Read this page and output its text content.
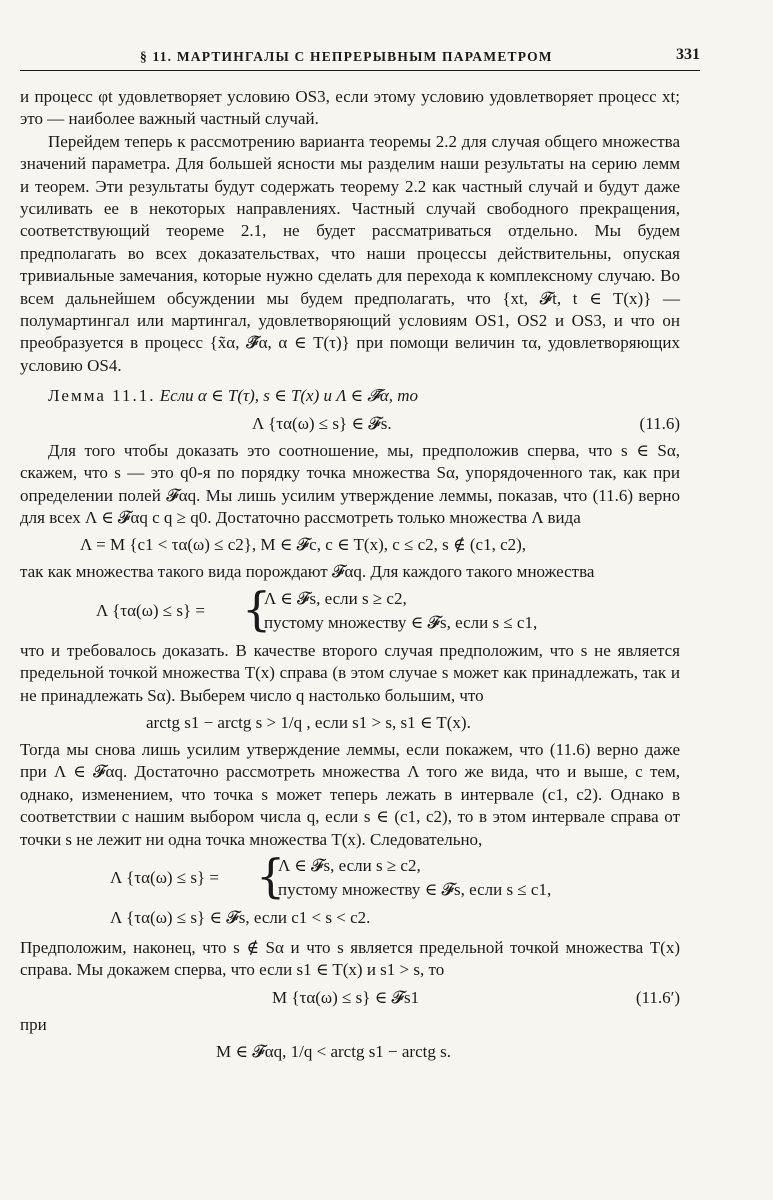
§ 11. МАРТИНГАЛЫ С НЕПРЕРЫВНЫМ ПАРАМЕТРОМ	331

и процесс φt удовлетворяет условию OS3, если этому условию удовлетворяет процесс xt; это — наиболее важный частный случай.

Перейдем теперь к рассмотрению варианта теоремы 2.2 для случая общего множества значений параметра. Для большей ясности мы разделим наши результаты на серию лемм и теорем. Эти результаты будут содержать теорему 2.2 как частный случай и будут даже усиливать ее в некоторых направлениях. Частный случай свободного прекращения, соответствующий теореме 2.1, не будет рассматриваться отдельно. Мы будем предполагать во всех доказательствах, что наши процессы действительны, опуская тривиальные замечания, которые нужно сделать для перехода к комплексному случаю. Во всем дальнейшем обсуждении мы будем предполагать, что {xt, 𝓕t, t ∈ T(x)} — полумартингал или мартингал, удовлетворяющий условиям OS1, OS2 и OS3, и что он преобразуется в процесс {x̃α, 𝓕̃α, α ∈ T(τ)} при помощи величин τα, удовлетворяющих условию OS4.

Лемма 11.1. Если α ∈ T(τ), s ∈ T(x) и Λ ∈ 𝓕̃α, то

Λ {τα(ω) ≤ s} ∈ 𝓕s.	(11.6)

Для того чтобы доказать это соотношение, мы, предположив сперва, что s ∈ Sα, скажем, что s — это q0-я по порядку точка множества Sα, упорядоченного так, как при определении полей 𝓕αq. Мы лишь усилим утверждение леммы, показав, что (11.6) верно для всех Λ ∈ 𝓕αq с q ≥ q0. Достаточно рассмотреть только множества Λ вида

Λ = M {c1 < τα(ω) ≤ c2}, M ∈ 𝓕c, c ∈ T(x), c ≤ c2, s ∉ (c1, c2),

так как множества такого вида порождают 𝓕αq. Для каждого такого множества

Λ {τα(ω) ≤ s} = {
Λ ∈ 𝓕s, если s ≥ c2,
пустому множеству ∈ 𝓕s, если s ≤ c1,

что и требовалось доказать. В качестве второго случая предположим, что s не является предельной точкой множества T(x) справа (в этом случае s может как принадлежать, так и не принадлежать Sα). Выберем число q настолько большим, что

arctg s1 − arctg s > 1/q , если s1 > s, s1 ∈ T(x).

Тогда мы снова лишь усилим утверждение леммы, если покажем, что (11.6) верно даже при Λ ∈ 𝓕αq. Достаточно рассмотреть множества Λ того же вида, что и выше, с тем, однако, изменением, что точка s может теперь лежать в интервале (c1, c2). Однако в соответствии с нашим выбором числа q, если s ∈ (c1, c2), то в этом интервале справа от точки s не лежит ни одна точка множества T(x). Следовательно,

Λ {τα(ω) ≤ s} = {
Λ ∈ 𝓕s, если s ≥ c2,
пустому множеству ∈ 𝓕s, если s ≤ c1,
Λ {τα(ω) ≤ s} ∈ 𝓕s, если c1 < s < c2.

Предположим, наконец, что s ∉ Sα и что s является предельной точкой множества T(x) справа. Мы докажем сперва, что если s1 ∈ T(x) и s1 > s, то

M {τα(ω) ≤ s} ∈ 𝓕s1	(11.6′)

при

M ∈ 𝓕αq, 1/q < arctg s1 − arctg s.
